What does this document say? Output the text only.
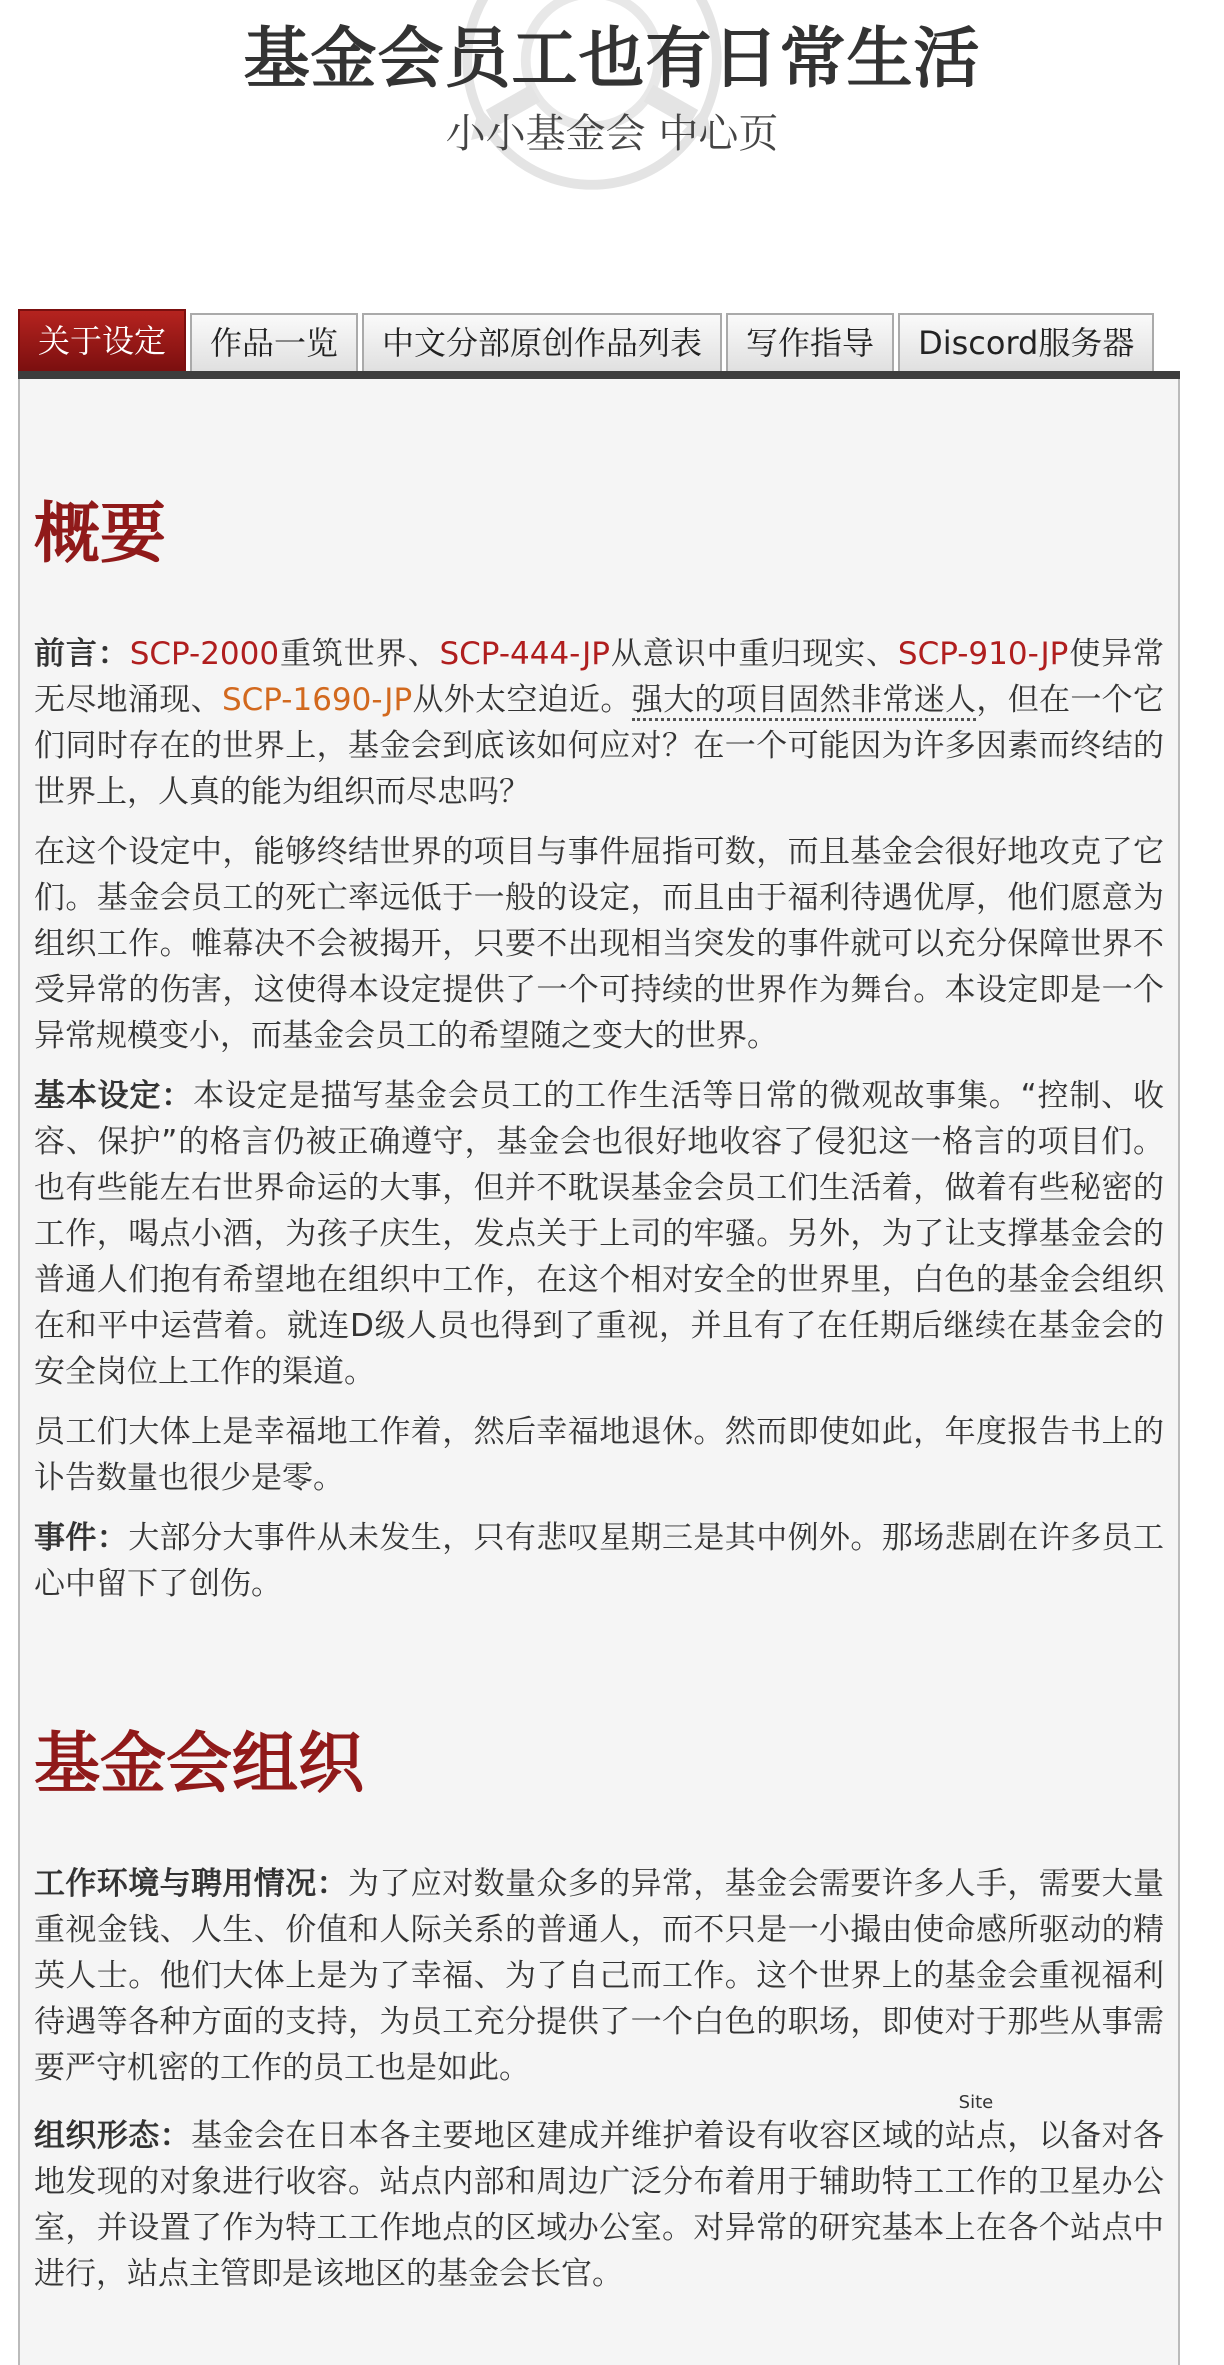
基金会员工也有日常生活
小小基金会 中心页
关于设定	作品一览	中文分部原创作品列表	写作指导	Discord服务器
概要

前言：SCP-2000重筑世界、SCP-444-JP从意识中重归现实、SCP-910-JP使异常无尽地涌现、SCP-1690-JP从外太空迫近。强大的项目固然非常迷人，但在一个它们同时存在的世界上，基金会到底该如何应对？在一个可能因为许多因素而终结的世界上，人真的能为组织而尽忠吗？

在这个设定中，能够终结世界的项目与事件屈指可数，而且基金会很好地攻克了它们。基金会员工的死亡率远低于一般的设定，而且由于福利待遇优厚，他们愿意为组织工作。帷幕决不会被揭开，只要不出现相当突发的事件就可以充分保障世界不受异常的伤害，这使得本设定提供了一个可持续的世界作为舞台。本设定即是一个异常规模变小，而基金会员工的希望随之变大的世界。

基本设定：本设定是描写基金会员工的工作生活等日常的微观故事集。“控制、收容、保护”的格言仍被正确遵守，基金会也很好地收容了侵犯这一格言的项目们。也有些能左右世界命运的大事，但并不耽误基金会员工们生活着，做着有些秘密的工作，喝点小酒，为孩子庆生，发点关于上司的牢骚。另外，为了让支撑基金会的普通人们抱有希望地在组织中工作，在这个相对安全的世界里，白色的基金会组织在和平中运营着。就连D级人员也得到了重视，并且有了在任期后继续在基金会的安全岗位上工作的渠道。

员工们大体上是幸福地工作着，然后幸福地退休。然而即使如此，年度报告书上的讣告数量也很少是零。

事件：大部分大事件从未发生，只有悲叹星期三是其中例外。那场悲剧在许多员工心中留下了创伤。

基金会组织

工作环境与聘用情况：为了应对数量众多的异常，基金会需要许多人手，需要大量重视金钱、人生、价值和人际关系的普通人，而不只是一小撮由使命感所驱动的精英人士。他们大体上是为了幸福、为了自己而工作。这个世界上的基金会重视福利待遇等各种方面的支持，为员工充分提供了一个白色的职场，即使对于那些从事需要严守机密的工作的员工也是如此。

组织形态：基金会在日本各主要地区建成并维护着设有收容区域的
Site
站点，以备对各地发现的对象进行收容。站点内部和周边广泛分布着用于辅助特工工作的卫星办公室，并设置了作为特工工作地点的区域办公室。对异常的研究基本上在各个站点中进行，站点主管即是该地区的基金会长官。
